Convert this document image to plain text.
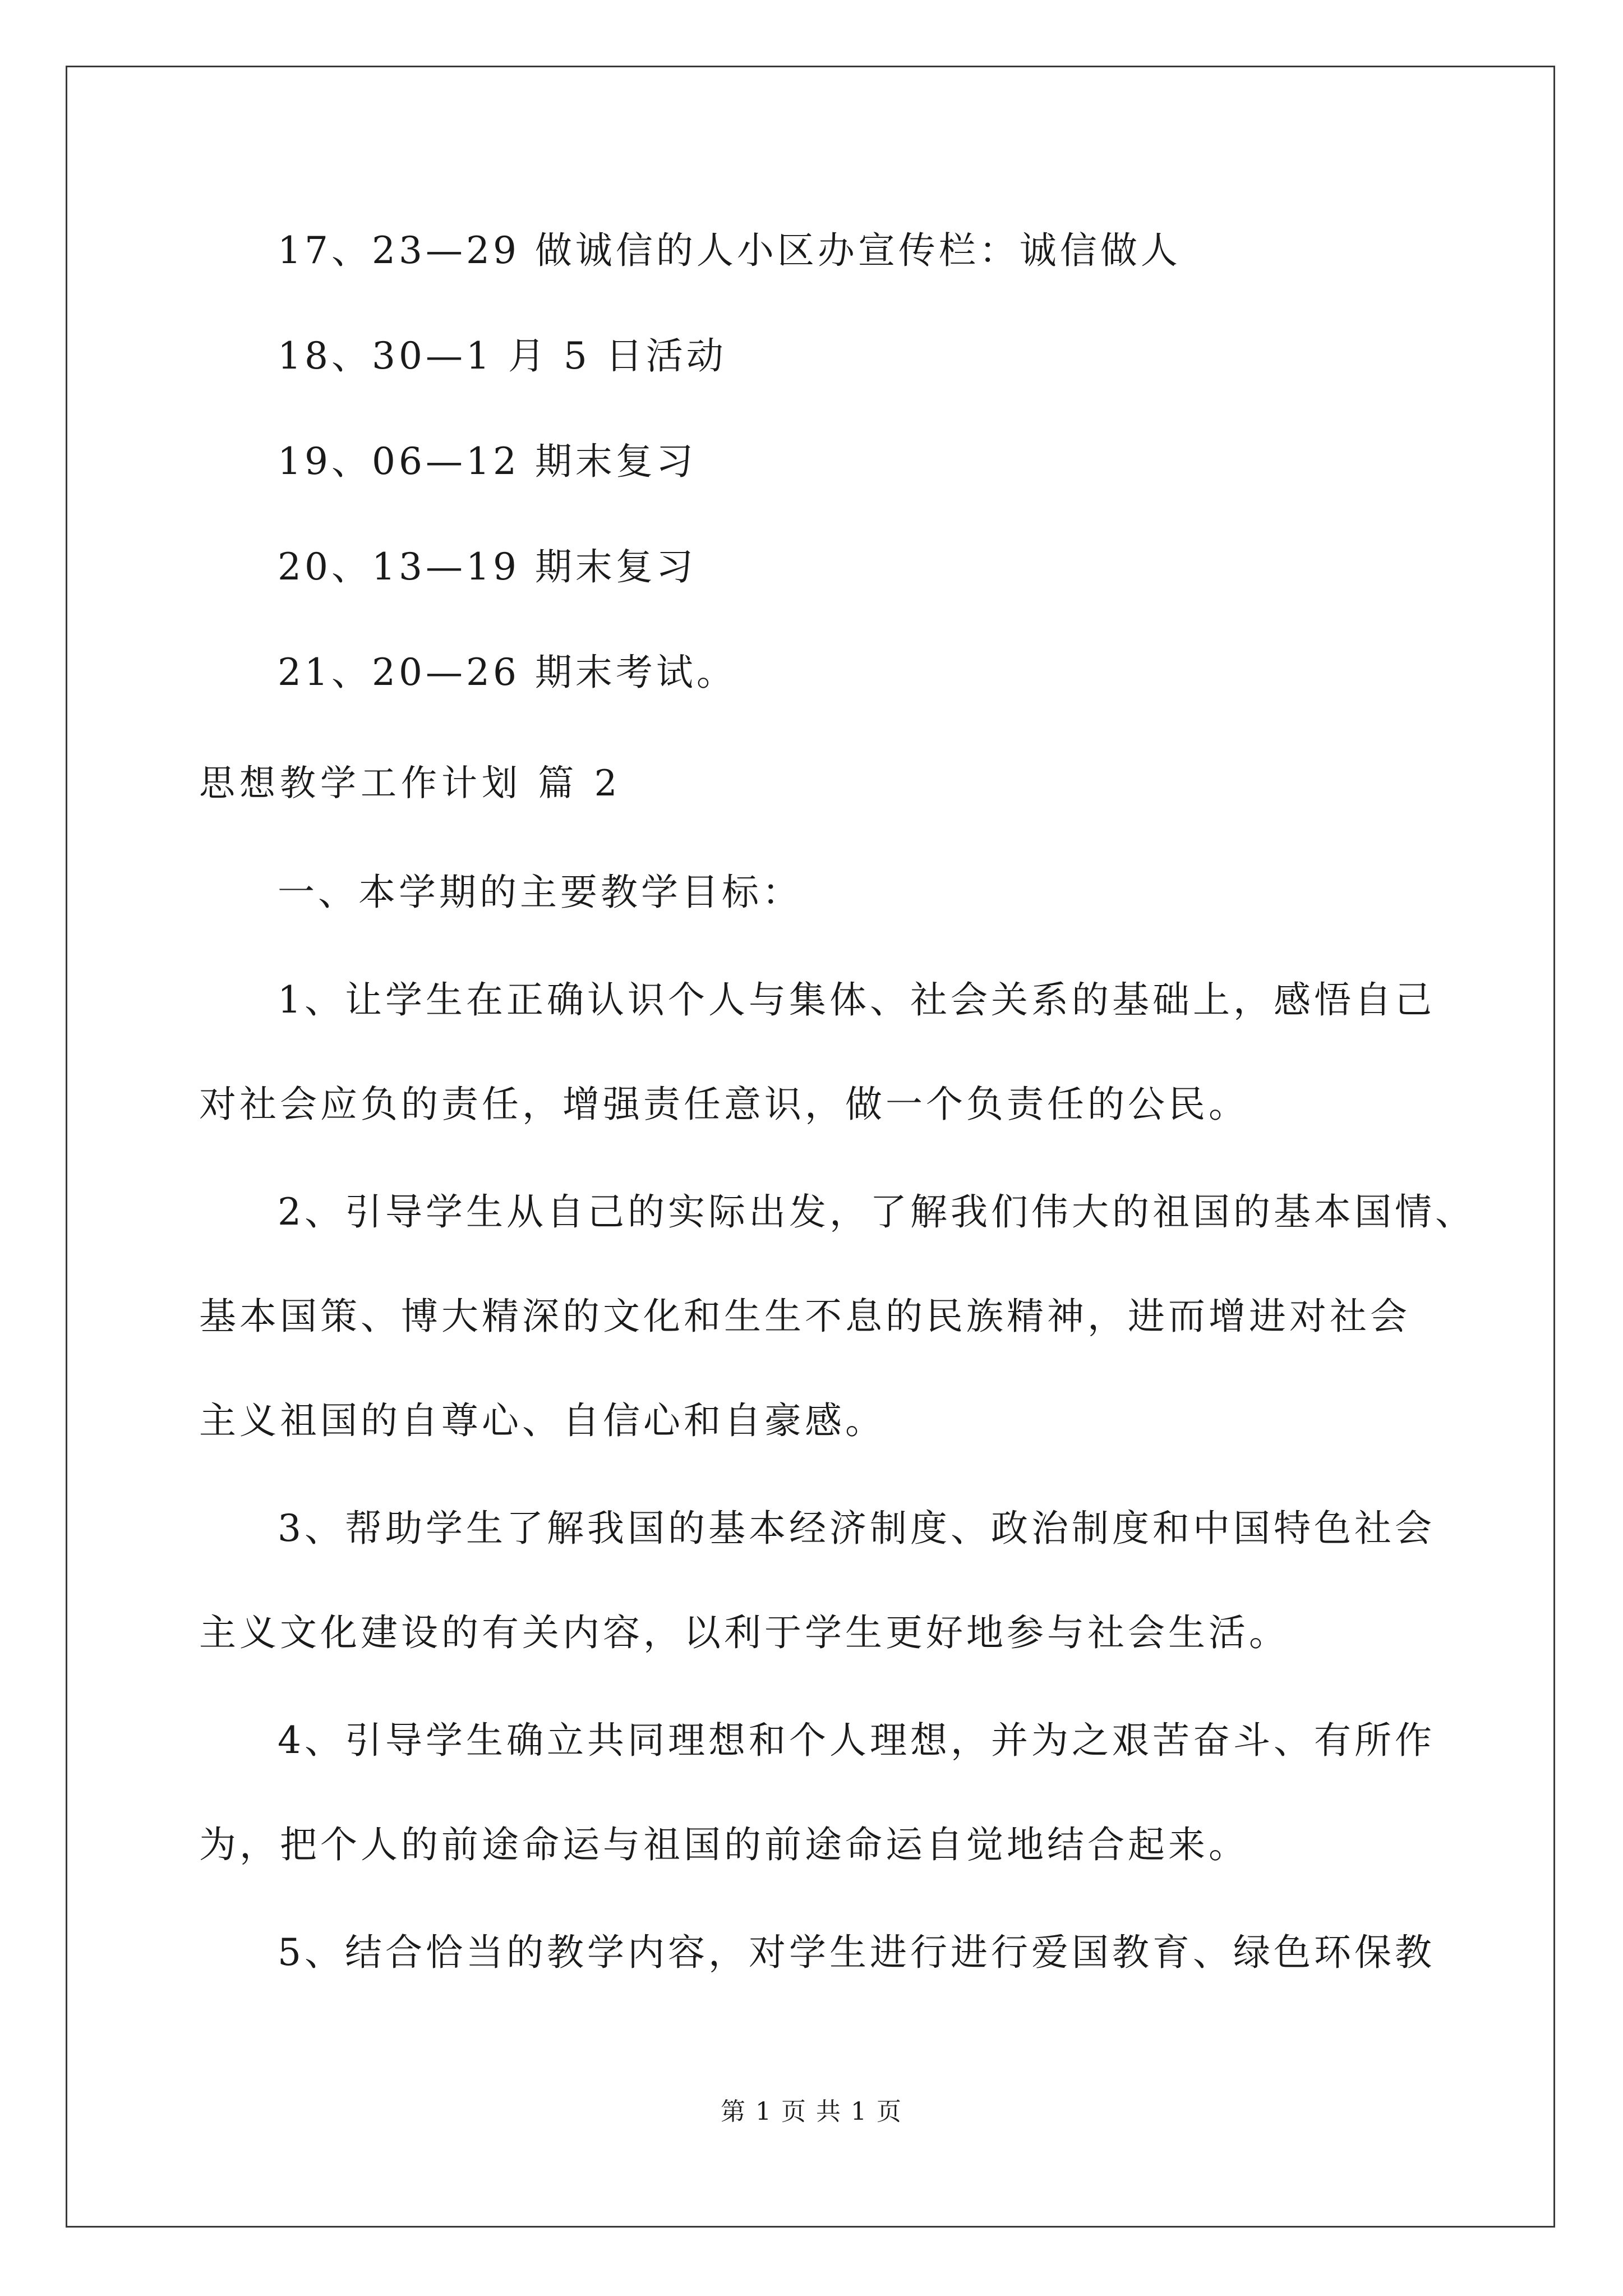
17、23—29 做诚信的人小区办宣传栏：诚信做人
18、30—1 月 5 日活动
19、06—12 期末复习
20、13—19 期末复习
21、20—26 期末考试。
思想教学工作计划 篇 2
一、本学期的主要教学目标：
1、让学生在正确认识个人与集体、社会关系的基础上，感悟自己
对社会应负的责任，增强责任意识，做一个负责任的公民。
2、引导学生从自己的实际出发，了解我们伟大的祖国的基本国情、
基本国策、博大精深的文化和生生不息的民族精神，进而增进对社会
主义祖国的自尊心、自信心和自豪感。
3、帮助学生了解我国的基本经济制度、政治制度和中国特色社会
主义文化建设的有关内容，以利于学生更好地参与社会生活。
4、引导学生确立共同理想和个人理想，并为之艰苦奋斗、有所作
为，把个人的前途命运与祖国的前途命运自觉地结合起来。
5、结合恰当的教学内容，对学生进行进行爱国教育、绿色环保教
第 1 页 共 1 页
